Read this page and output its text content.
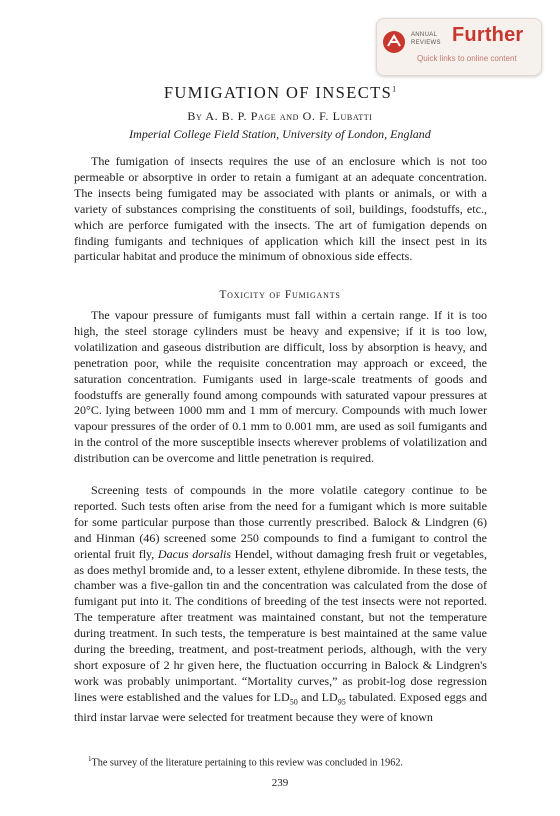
ANNUAL
REVIEWS Further
Quick links to online content
FUMIGATION OF INSECTS$^1$
By A. B. P. Page and O. F. Lubatti
Imperial College Field Station, University of London, England

The fumigation of insects requires the use of an enclosure which is not too permeable or absorptive in order to retain a fumigant at an adequate concentration. The insects being fumigated may be associated with plants or animals, or with a variety of substances comprising the constituents of soil, buildings, foodstuffs, etc., which are perforce fumigated with the insects. The art of fumigation depends on finding fumigants and techniques of application which kill the insect pest in its particular habitat and produce the minimum of obnoxious side effects.

Toxicity of Fumigants

The vapour pressure of fumigants must fall within a certain range. If it is too high, the steel storage cylinders must be heavy and expensive; if it is too low, volatilization and gaseous distribution are difficult, loss by absorption is heavy, and penetration poor, while the requisite concentration may approach or exceed, the saturation concentration. Fumigants used in large-scale treatments of goods and foodstuffs are generally found among compounds with saturated vapour pressures at 20°C. lying between 1000 mm and 1 mm of mercury. Compounds with much lower vapour pressures of the order of 0.1 mm to 0.001 mm, are used as soil fumigants and in the control of the more susceptible insects wherever problems of volatilization and distribution can be overcome and little penetration is required.

Screening tests of compounds in the more volatile category continue to be reported. Such tests often arise from the need for a fumigant which is more suitable for some particular purpose than those currently prescribed. Balock & Lindgren (6) and Hinman (46) screened some 250 compounds to find a fumigant to control the oriental fruit fly, Dacus dorsalis Hendel, without damaging fresh fruit or vegetables, as does methyl bromide and, to a lesser extent, ethylene dibromide. In these tests, the chamber was a five-gallon tin and the concentration was calculated from the dose of fumigant put into it. The conditions of breeding of the test insects were not reported. The temperature after treatment was maintained constant, but not the temperature during treatment. In such tests, the temperature is best maintained at the same value during the breeding, treatment, and post-treatment periods, although, with the very short exposure of 2 hr given here, the fluctuation occurring in Balock & Lindgren's work was probably unimportant. “Mortality curves,” as probit-log dose regression lines were established and the values for $LD_{50}$ and $LD_{95}$ tabulated. Exposed eggs and third instar larvae were selected for treatment because they were of known

$^1$The survey of the literature pertaining to this review was concluded in 1962.

239
